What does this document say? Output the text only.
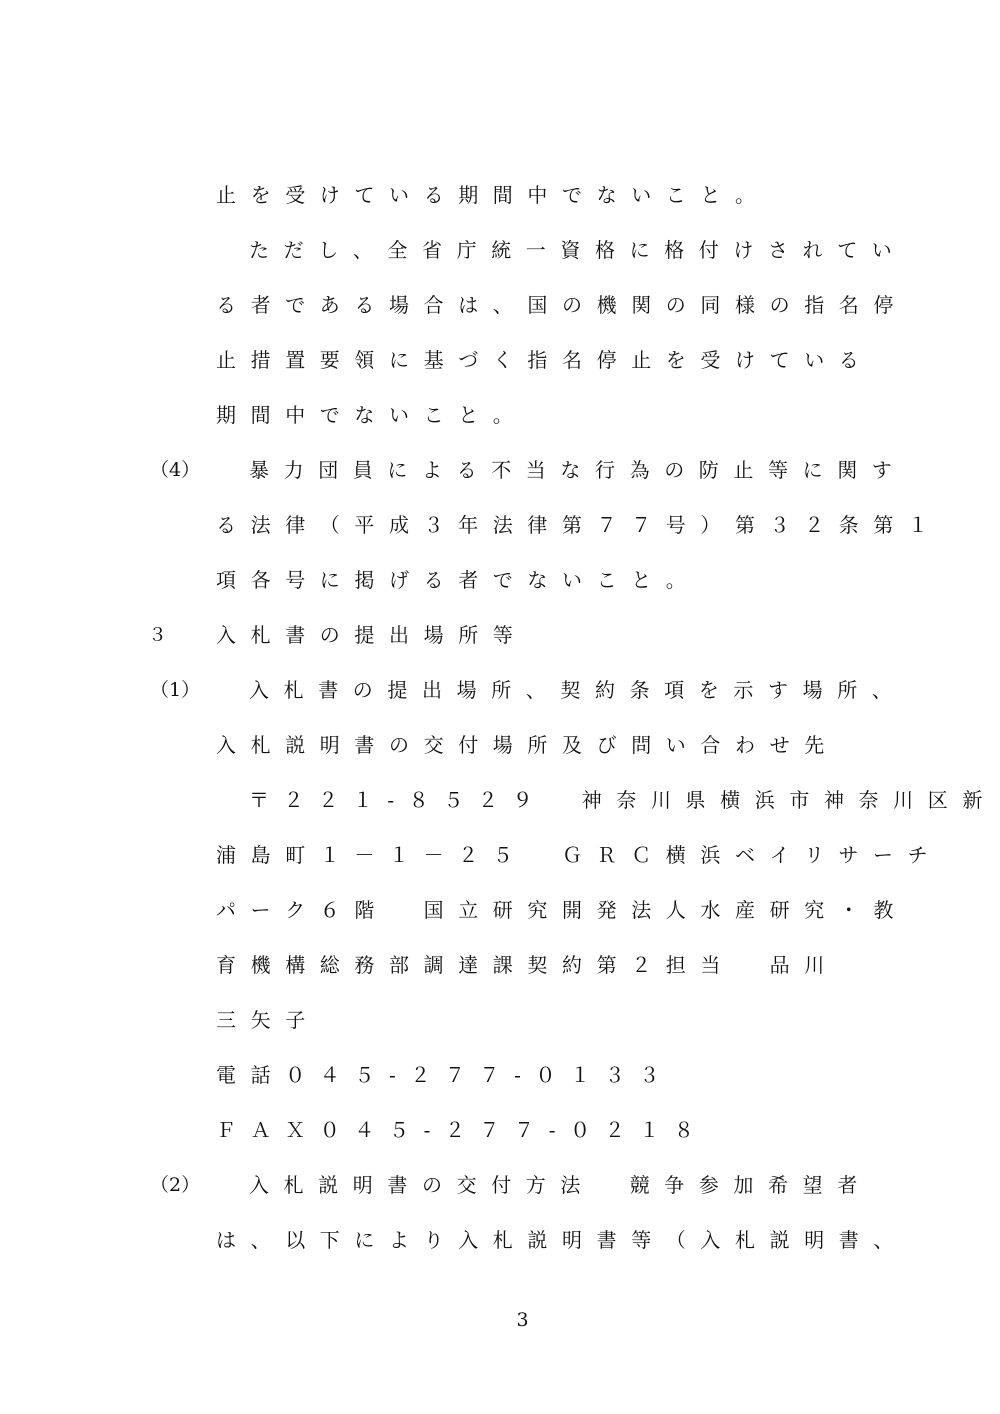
止を受けている期間中でないこと。
ただし、全省庁統一資格に格付けされてい
る者である場合は、国の機関の同様の指名停
止措置要領に基づく指名停止を受けている
期間中でないこと。
（4） 暴力団員による不当な行為の防止等に関す
る法律（平成３年法律第７７号）第３２条第１
項各号に掲げる者でないこと。
３ 入札書の提出場所等
（1） 入札書の提出場所、契約条項を示す場所、
入札説明書の交付場所及び問い合わせ先
〒２２１-８５２９　神奈川県横浜市神奈川区新
浦島町１－１－２５　ＧＲＣ横浜ベイリサーチ
パーク６階　国立研究開発法人水産研究・教
育機構総務部調達課契約第２担当　品川
三矢子
電話０４５-２７７-０１３３
ＦＡＸ０４５-２７７-０２１８
（2） 入札説明書の交付方法　競争参加希望者
は、以下により入札説明書等（入札説明書、
3
